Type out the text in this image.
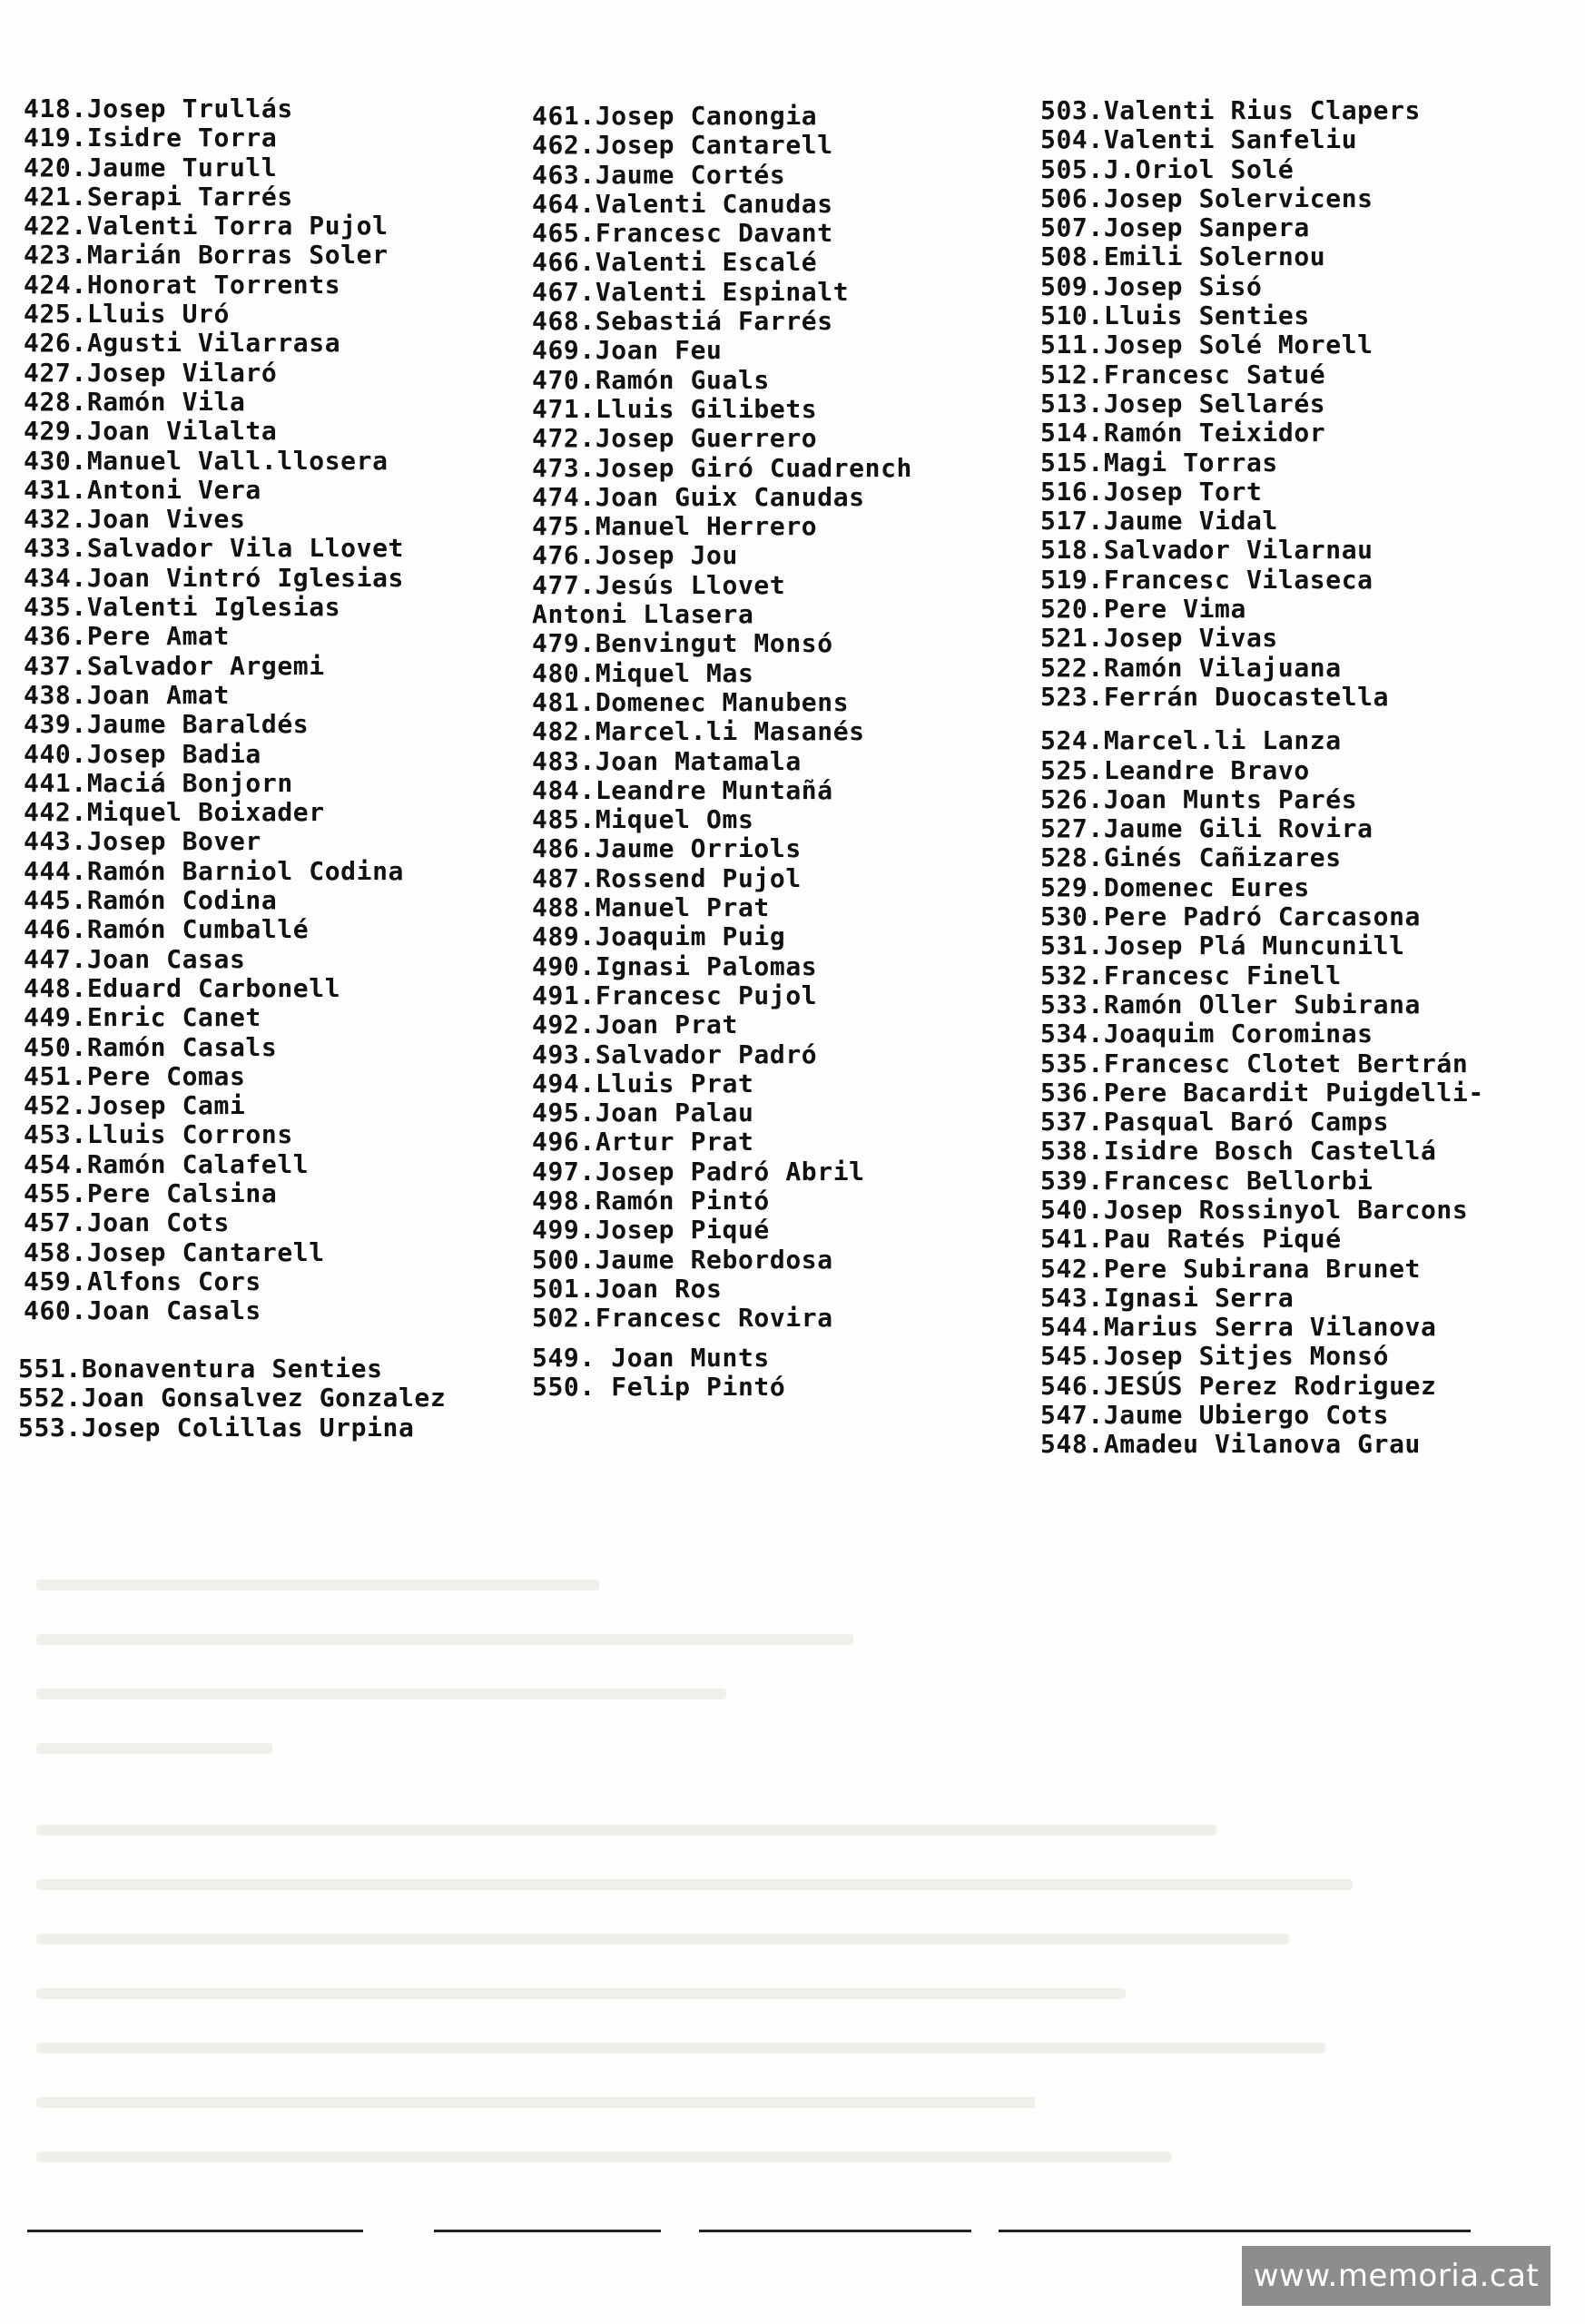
418.Josep Trullás
419.Isidre Torra
420.Jaume Turull
421.Serapi Tarrés
422.Valenti Torra Pujol
423.Marián Borras Soler
424.Honorat Torrents
425.Lluis Uró
426.Agusti Vilarrasa
427.Josep Vilaró
428.Ramón Vila
429.Joan Vilalta
430.Manuel Vall.llosera
431.Antoni Vera
432.Joan Vives
433.Salvador Vila Llovet
434.Joan Vintró Iglesias
435.Valenti Iglesias
436.Pere Amat
437.Salvador Argemi
438.Joan Amat
439.Jaume Baraldés
440.Josep Badia
441.Maciá Bonjorn
442.Miquel Boixader
443.Josep Bover
444.Ramón Barniol Codina
445.Ramón Codina
446.Ramón Cumballé
447.Joan Casas
448.Eduard Carbonell
449.Enric Canet
450.Ramón Casals
451.Pere Comas
452.Josep Cami
453.Lluis Corrons
454.Ramón Calafell
455.Pere Calsina
457.Joan Cots
458.Josep Cantarell
459.Alfons Cors
460.Joan Casals
551.Bonaventura Senties
552.Joan Gonsalvez Gonzalez
553.Josep Colillas Urpina
461.Josep Canongia
462.Josep Cantarell
463.Jaume Cortés
464.Valenti Canudas
465.Francesc Davant
466.Valenti Escalé
467.Valenti Espinalt
468.Sebastiá Farrés
469.Joan Feu
470.Ramón Guals
471.Lluis Gilibets
472.Josep Guerrero
473.Josep Giró Cuadrench
474.Joan Guix Canudas
475.Manuel Herrero
476.Josep Jou
477.Jesús Llovet
Antoni Llasera
479.Benvingut Monsó
480.Miquel Mas
481.Domenec Manubens
482.Marcel.li Masanés
483.Joan Matamala
484.Leandre Muntañá
485.Miquel Oms
486.Jaume Orriols
487.Rossend Pujol
488.Manuel Prat
489.Joaquim Puig
490.Ignasi Palomas
491.Francesc Pujol
492.Joan Prat
493.Salvador Padró
494.Lluis Prat
495.Joan Palau
496.Artur Prat
497.Josep Padró Abril
498.Ramón Pintó
499.Josep Piqué
500.Jaume Rebordosa
501.Joan Ros
502.Francesc Rovira
549. Joan Munts
550. Felip Pintó
503.Valenti Rius Clapers
504.Valenti Sanfeliu
505.J.Oriol Solé
506.Josep Solervicens
507.Josep Sanpera
508.Emili Solernou
509.Josep Sisó
510.Lluis Senties
511.Josep Solé Morell
512.Francesc Satué
513.Josep Sellarés
514.Ramón Teixidor
515.Magi Torras
516.Josep Tort
517.Jaume Vidal
518.Salvador Vilarnau
519.Francesc Vilaseca
520.Pere Vima
521.Josep Vivas
522.Ramón Vilajuana
523.Ferrán Duocastella
524.Marcel.li Lanza
525.Leandre Bravo
526.Joan Munts Parés
527.Jaume Gili Rovira
528.Ginés Cañizares
529.Domenec Eures
530.Pere Padró Carcasona
531.Josep Plá Muncunill
532.Francesc Finell
533.Ramón Oller Subirana
534.Joaquim Corominas
535.Francesc Clotet Bertrán
536.Pere Bacardit Puigdelli-
537.Pasqual Baró Camps
538.Isidre Bosch Castellá
539.Francesc Bellorbi
540.Josep Rossinyol Barcons
541.Pau Ratés Piqué
542.Pere Subirana Brunet
543.Ignasi Serra
544.Marius Serra Vilanova
545.Josep Sitjes Monsó
546.JESÚS Perez Rodriguez
547.Jaume Ubiergo Cots
548.Amadeu Vilanova Grau
www.memoria.cat
